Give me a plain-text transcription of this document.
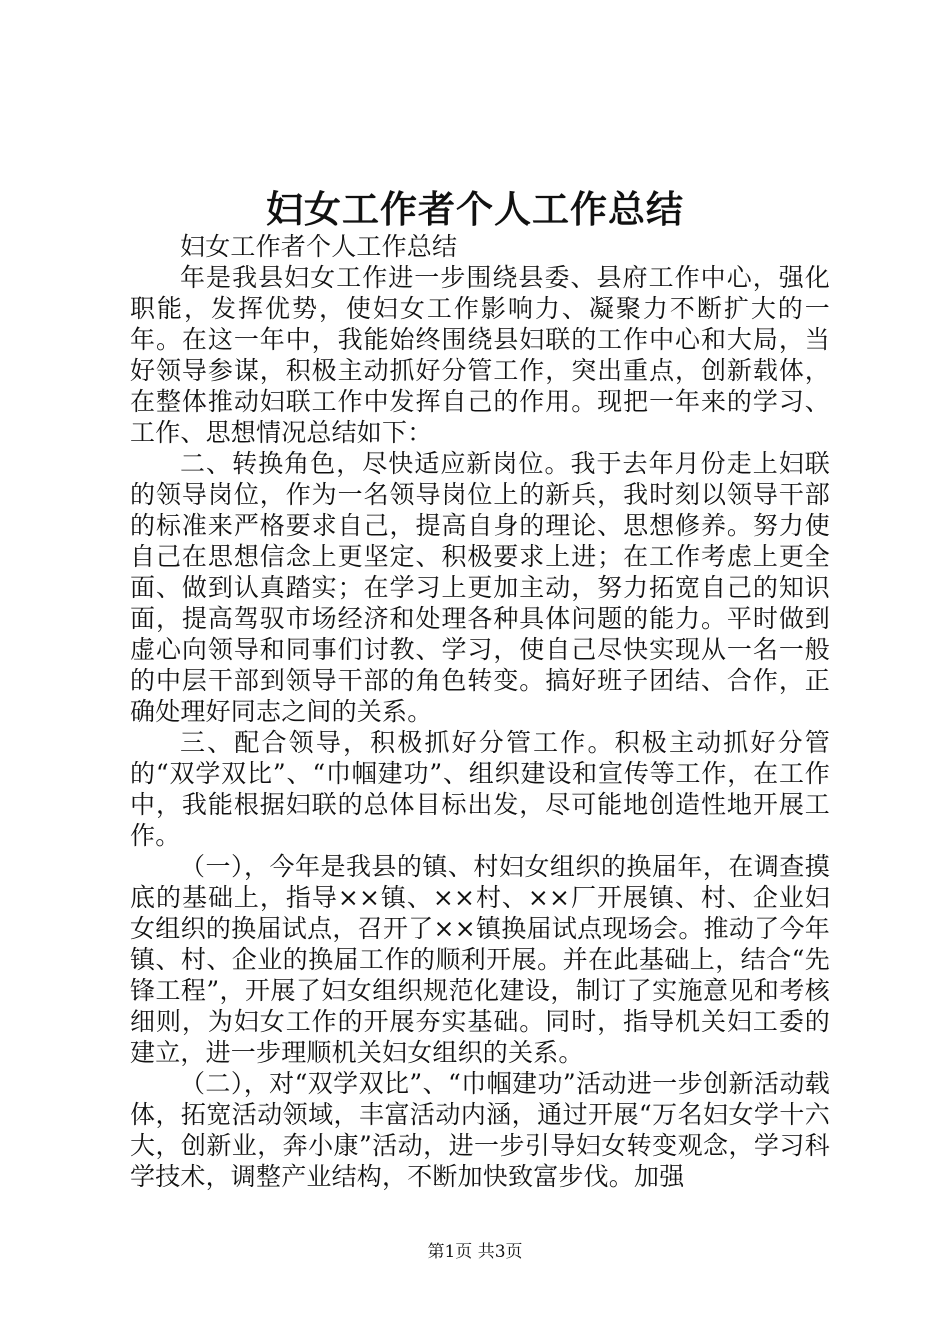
妇女工作者个人工作总结

妇女工作者个人工作总结

年是我县妇女工作进一步围绕县委、县府工作中心，强化职能，发挥优势，使妇女工作影响力、凝聚力不断扩大的一年。在这一年中，我能始终围绕县妇联的工作中心和大局，当好领导参谋，积极主动抓好分管工作，突出重点，创新载体，在整体推动妇联工作中发挥自己的作用。现把一年来的学习、工作、思想情况总结如下：

二、转换角色，尽快适应新岗位。我于去年月份走上妇联的领导岗位，作为一名领导岗位上的新兵，我时刻以领导干部的标准来严格要求自己，提高自身的理论、思想修养。努力使自己在思想信念上更坚定、积极要求上进；在工作考虑上更全面、做到认真踏实；在学习上更加主动，努力拓宽自己的知识面，提高驾驭市场经济和处理各种具体问题的能力。平时做到虚心向领导和同事们讨教、学习，使自己尽快实现从一名一般的中层干部到领导干部的角色转变。搞好班子团结、合作，正确处理好同志之间的关系。

三、配合领导，积极抓好分管工作。积极主动抓好分管的“双学双比”、“巾帼建功”、组织建设和宣传等工作，在工作中，我能根据妇联的总体目标出发，尽可能地创造性地开展工作。

（一），今年是我县的镇、村妇女组织的换届年，在调查摸底的基础上，指导××镇、××村、××厂开展镇、村、企业妇女组织的换届试点，召开了××镇换届试点现场会。推动了今年镇、村、企业的换届工作的顺利开展。并在此基础上，结合“先锋工程”，开展了妇女组织规范化建设，制订了实施意见和考核细则，为妇女工作的开展夯实基础。同时，指导机关妇工委的建立，进一步理顺机关妇女组织的关系。

（二），对“双学双比”、“巾帼建功”活动进一步创新活动载体，拓宽活动领域，丰富活动内涵，通过开展“万名妇女学十六大，创新业，奔小康”活动，进一步引导妇女转变观念，学习科学技术，调整产业结构，不断加快致富步伐。加强

第1页 共3页
